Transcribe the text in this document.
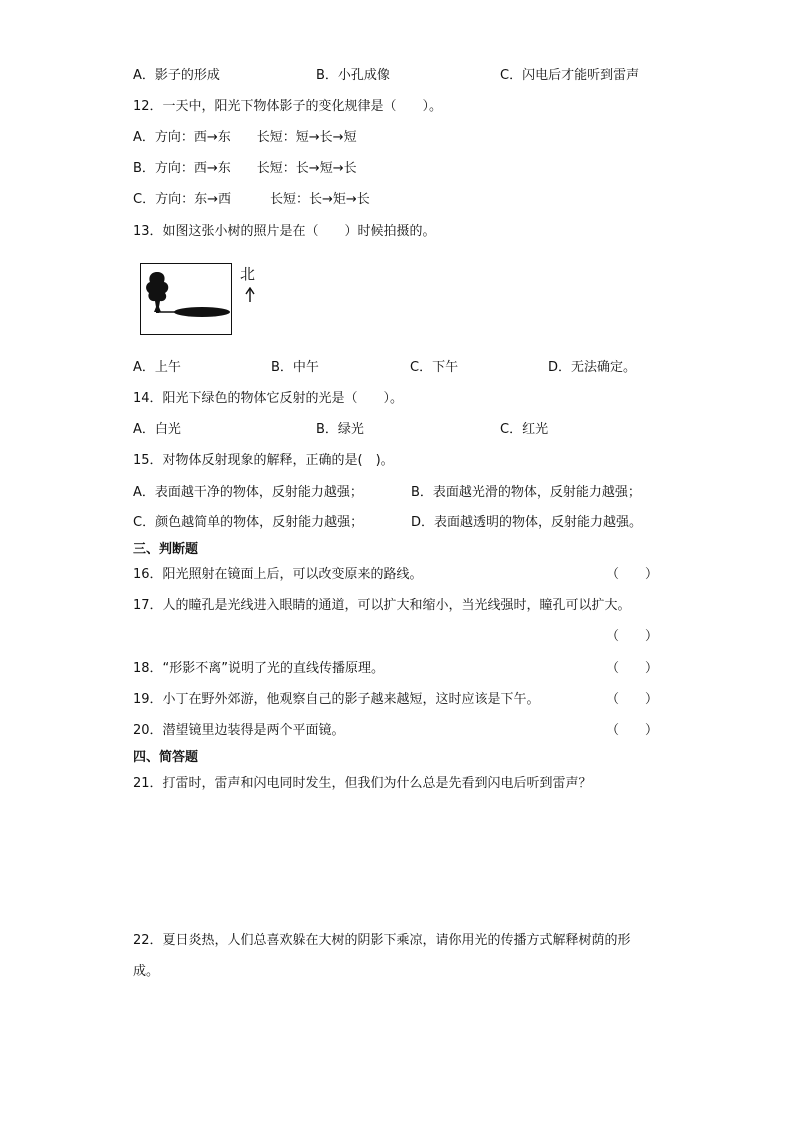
A．影子的形成	B．小孔成像	C．闪电后才能听到雷声
12．一天中，阳光下物体影子的变化规律是（　　）。
A．方向：西→东　　长短：短→长→短
B．方向：西→东　　长短：长→短→长
C．方向：东→西　　　长短：长→矩→长
13．如图这张小树的照片是在（　　）时候拍摄的。
北
A．上午	B．中午	C．下午	D．无法确定。
14．阳光下绿色的物体它反射的光是（　　）。
A．白光	B．绿光	C．红光
15．对物体反射现象的解释，正确的是(　)。
A．表面越干净的物体，反射能力越强；	B．表面越光滑的物体，反射能力越强；
C．颜色越简单的物体，反射能力越强；	D．表面越透明的物体，反射能力越强。
三、判断题
16．阳光照射在镜面上后，可以改变原来的路线。	（　　）
17．人的瞳孔是光线进入眼睛的通道，可以扩大和缩小，当光线强时，瞳孔可以扩大。
（　　）
18．“形影不离”说明了光的直线传播原理。	（　　）
19．小丁在野外郊游，他观察自己的影子越来越短，这时应该是下午。	（　　）
20．潜望镜里边装得是两个平面镜。	（　　）
四、简答题
21．打雷时，雷声和闪电同时发生，但我们为什么总是先看到闪电后听到雷声？
22．夏日炎热，人们总喜欢躲在大树的阴影下乘凉，请你用光的传播方式解释树荫的形
成。
